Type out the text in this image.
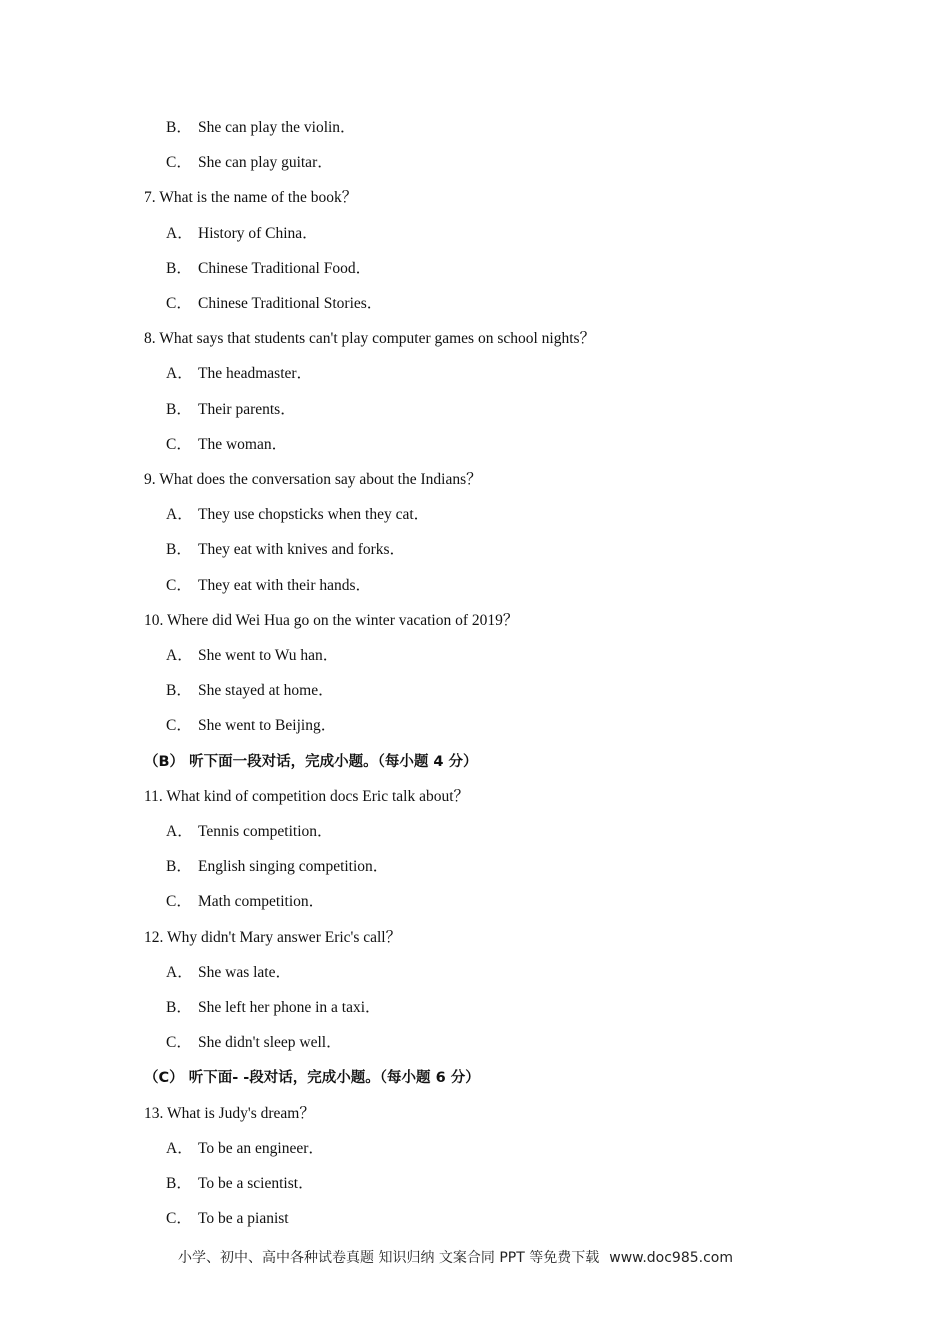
B． She can play the violin．
C． She can play guitar．
7. What is the name of the book？
A． History of China．
B． Chinese Traditional Food．
C． Chinese Traditional Stories．
8. What says that students can't play computer games on school nights？
A． The headmaster．
B． Their parents．
C． The woman．
9. What does the conversation say about the Indians？
A． They use chopsticks when they cat．
B． They eat with knives and forks．
C． They eat with their hands．
10. Where did Wei Hua go on the winter vacation of 2019？
A． She went to Wu han．
B． She stayed at home．
C． She went to Beijing．
（B） 听下面一段对话，完成小题。（每小题 4 分）
11. What kind of competition docs Eric talk about？
A． Tennis competition．
B． English singing competition．
C． Math competition．
12. Why didn't Mary answer Eric's call？
A． She was late．
B． She left her phone in a taxi．
C． She didn't sleep well．
（C） 听下面- -段对话，完成小题。（每小题 6 分）
13. What is Judy's dream？
A． To be an engineer．
B． To be a scientist．
C． To be a pianist
小学、初中、高中各种试卷真题 知识归纳 文案合同 PPT 等免费下载 www.doc985.com
